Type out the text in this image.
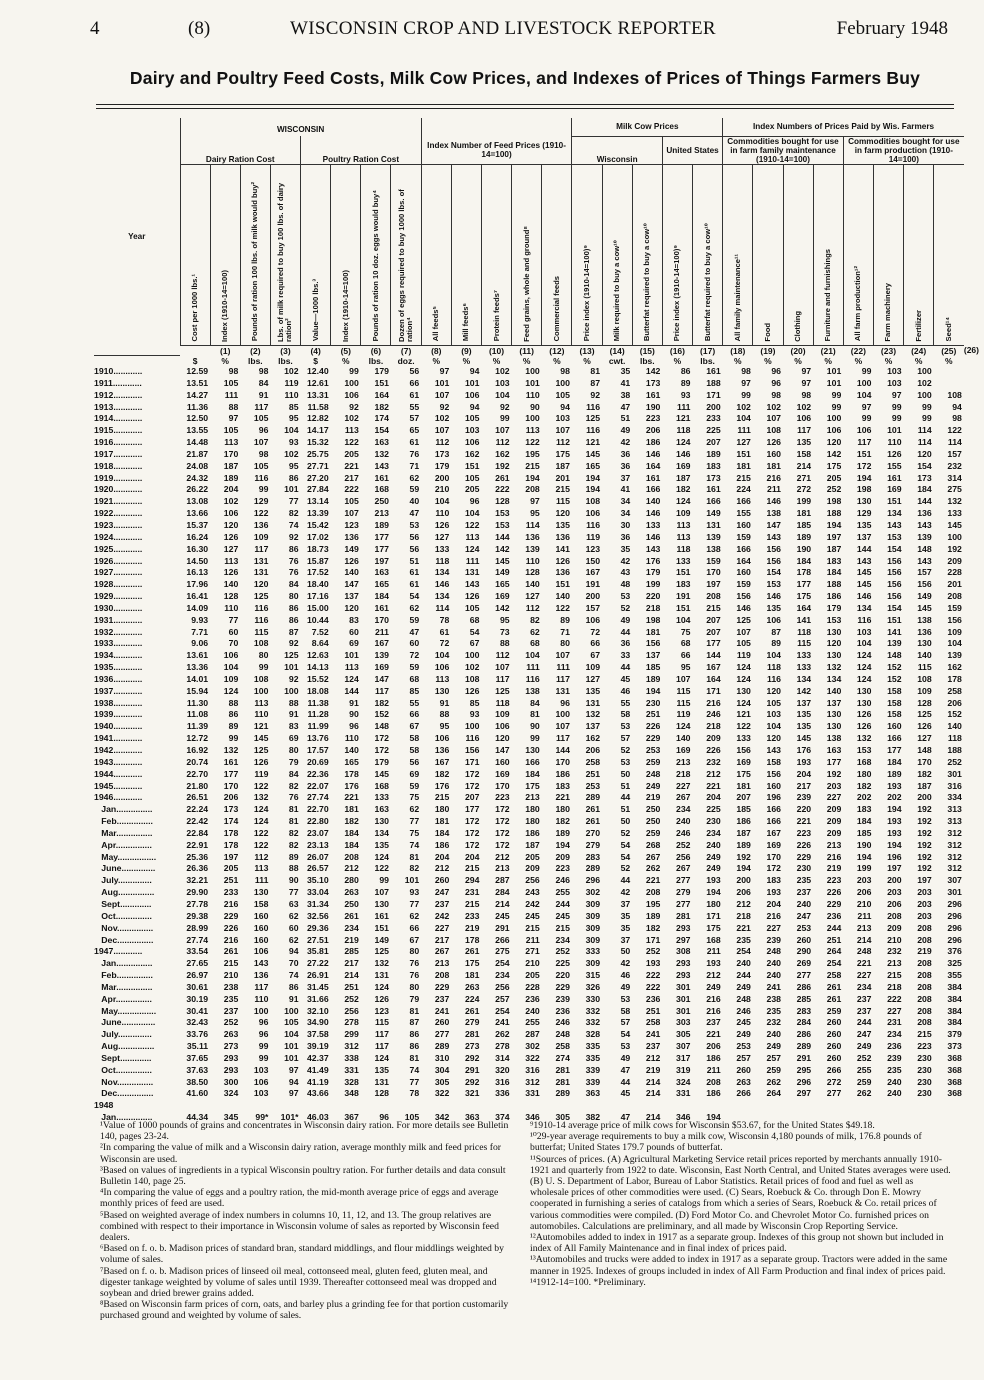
4	(8)	WISCONSIN CROP AND LIVESTOCK REPORTER	February 1948
Dairy and Poultry Feed Costs, Milk Cow Prices, and Indexes of Prices of Things Farmers Buy
Year	WISCONSIN													Milk Cow Prices					Index Numbers of Prices Paid by Wis. Farmers								
	Dairy Ration Cost				Poultry Ration Cost				Index Number of Feed Prices (1910-14=100)					Wisconsin			United States		Commodities bought for use in farm family maintenance (1910-14=100)				Commodities bought for use in farm production (1910-14=100)				

	Cost per 1000 lbs.¹	Index (1910-14=100)	Pounds of ration 100 lbs. of milk would buy²	Lbs. of milk required to buy 100 lbs. of dairy ration²	Value—1000 lbs.³	Index (1910-14=100)	Pounds of ration 10 doz. eggs would buy⁴	Dozen of eggs required to buy 1000 lbs. of ration⁴	All feeds⁵	Mill feeds⁶	Protein feeds⁷	Feed grains, whole and ground⁸	Commercial feeds	Price index (1910-14=100)⁹	Milk required to buy a cow¹⁰	Butterfat required to buy a cow¹⁰	Price index (1910-14=100)⁹	Butterfat required to buy a cow¹⁰	All family maintenance¹¹	Food	Clothing	Furniture and furnishings	All farm production¹²	Farm machinery	Fertilizer	Seed¹⁴	

		(1)	(2)	(3)	(4)	(5)	(6)	(7)	(8)	(9)	(10)	(11)	(12)	(13)	(14)	(15)	(16)	(17)	(18)	(19)	(20)	(21)	(22)	(23)	(24)	(25)	(26)
	$	%	lbs.	lbs.	$	%	lbs.	doz.	%	%	%	%	%	%	cwt.	lbs.	%	lbs.	%	%	%	%	%	%	%	%	
1910............	12.59	98	98	102	12.40	99	179	56	97	94	102	100	98	81	35	142	86	161	98	96	97	101	99	103	100		
1911............	13.51	105	84	119	12.61	100	151	66	101	101	103	101	100	87	41	173	89	188	97	96	97	101	100	103	102		
1912............	14.27	111	91	110	13.31	106	164	61	107	106	104	110	105	92	38	161	93	171	99	98	98	99	104	97	100	108	
1913............	11.36	88	117	85	11.58	92	182	55	92	94	92	90	94	116	47	190	111	200	102	102	102	99	97	99	99	94	
1914............	12.50	97	105	95	12.82	102	174	57	102	105	99	100	103	125	51	223	121	233	104	107	106	100	99	99	99	98	
1915............	13.55	105	96	104	14.17	113	154	65	107	103	107	113	107	116	49	206	118	225	111	108	117	106	106	101	114	122	
1916............	14.48	113	107	93	15.32	122	163	61	112	106	112	122	112	121	42	186	124	207	127	126	135	120	117	110	114	114	
1917............	21.87	170	98	102	25.75	205	132	76	173	162	162	195	175	145	36	146	146	189	151	160	158	142	151	126	120	157	
1918............	24.08	187	105	95	27.71	221	143	71	179	151	192	215	187	165	36	164	169	183	181	181	214	175	172	155	154	232	
1919............	24.32	189	116	86	27.20	217	161	62	200	105	261	194	201	194	37	161	187	173	215	216	271	205	194	161	173	314	
1920............	26.22	204	99	101	27.84	222	168	59	210	205	222	208	215	194	41	166	182	161	224	211	272	252	198	169	184	275	
1921............	13.08	102	129	77	13.14	105	250	40	104	96	128	97	115	108	34	140	124	166	166	146	199	198	130	151	144	132	
1922............	13.66	106	122	82	13.39	107	213	47	110	104	153	95	120	106	34	146	109	149	155	138	181	188	129	134	136	133	
1923............	15.37	120	136	74	15.42	123	189	53	126	122	153	114	135	116	30	133	113	131	160	147	185	194	135	143	143	145	
1924............	16.24	126	109	92	17.02	136	177	56	127	113	144	136	136	119	36	146	113	139	159	143	189	197	137	153	139	100	
1925............	16.30	127	117	86	18.73	149	177	56	133	124	142	139	141	123	35	143	118	138	166	156	190	187	144	154	148	192	
1926............	14.50	113	131	76	15.87	126	197	51	118	111	145	110	126	150	42	176	133	159	164	156	184	183	143	156	143	209	
1927............	16.13	126	131	76	17.52	140	163	61	134	131	149	128	136	167	43	179	151	170	160	154	178	184	145	156	157	228	
1928............	17.96	140	120	84	18.40	147	165	61	146	143	165	140	151	191	48	199	183	197	159	153	177	188	145	156	156	201	
1929............	16.41	128	125	80	17.16	137	184	54	134	126	169	127	140	200	53	220	191	208	156	146	175	186	146	156	149	208	
1930............	14.09	110	116	86	15.00	120	161	62	114	105	142	112	122	157	52	218	151	215	146	135	164	179	134	154	145	159	
1931............	9.93	77	116	86	10.44	83	170	59	78	68	95	82	89	106	49	198	104	207	125	106	141	153	116	151	138	156	
1932............	7.71	60	115	87	7.52	60	211	47	61	54	73	62	71	72	44	181	75	207	107	87	118	130	103	141	136	109	
1933............	9.06	70	108	92	8.64	69	167	60	72	67	88	68	80	66	36	156	68	177	105	89	115	120	104	139	130	104	
1934............	13.61	106	80	125	12.63	101	139	72	104	100	112	104	107	67	33	137	66	144	119	104	133	130	124	148	140	139	
1935............	13.36	104	99	101	14.13	113	169	59	106	102	107	111	111	109	44	185	95	167	124	118	133	132	124	152	115	162	
1936............	14.01	109	108	92	15.52	124	147	68	113	108	117	116	117	127	45	189	107	164	124	116	134	134	124	152	108	178	
1937............	15.94	124	100	100	18.08	144	117	85	130	126	125	138	131	135	46	194	115	171	130	120	142	140	130	158	109	258	
1938............	11.30	88	113	88	11.38	91	182	55	91	85	118	84	96	131	55	230	115	216	124	105	137	137	130	158	128	206	
1939............	11.08	86	110	91	11.28	90	152	66	88	93	109	81	100	132	58	251	119	246	121	103	135	130	126	158	125	152	
1940............	11.39	89	121	83	11.99	96	148	67	95	100	106	90	107	137	53	226	124	218	122	104	135	130	126	160	126	140	
1941............	12.72	99	145	69	13.76	110	172	58	106	116	120	99	117	162	57	229	140	209	133	120	145	138	132	166	127	118	
1942............	16.92	132	125	80	17.57	140	172	58	136	156	147	130	144	206	52	253	169	226	156	143	176	163	153	177	148	188	
1943............	20.74	161	126	79	20.69	165	179	56	167	171	160	166	170	258	53	259	213	232	169	158	193	177	168	184	170	252	
1944............	22.70	177	119	84	22.36	178	145	69	182	172	169	184	186	251	50	248	218	212	175	156	204	192	180	189	182	301	
1945............	21.80	170	122	82	22.07	176	168	59	176	172	170	175	183	253	51	249	227	221	181	160	217	203	182	193	187	316	
1946............	26.51	206	132	76	27.74	221	133	75	215	207	223	213	221	289	44	219	267	204	207	196	239	227	202	202	200	334	
Jan...............	22.24	173	124	81	22.70	181	163	62	180	177	172	180	180	261	51	250	234	225	185	166	220	209	183	194	192	313	
Feb...............	22.42	174	124	81	22.80	182	130	77	181	172	172	180	182	261	50	250	240	230	186	166	221	209	184	193	192	313	
Mar...............	22.84	178	122	82	23.07	184	134	75	184	172	172	186	189	270	52	259	246	234	187	167	223	209	185	193	192	312	
Apr...............	22.91	178	122	82	23.13	184	135	74	186	172	172	187	194	279	54	268	252	240	189	169	226	213	190	194	192	312	
May................	25.36	197	112	89	26.07	208	124	81	204	204	212	205	209	283	54	267	256	249	192	170	229	216	194	196	192	312	
June..............	26.36	205	113	88	26.57	212	122	82	212	215	213	209	223	289	52	262	267	249	194	172	230	219	199	197	192	312	
July..............	32.21	251	111	90	35.10	280	99	101	260	294	287	256	246	296	44	221	277	193	200	183	235	223	203	200	197	307	
Aug...............	29.90	233	130	77	33.04	263	107	93	247	231	284	243	255	302	42	208	279	194	206	193	237	226	206	203	203	301	
Sept.............	27.78	216	158	63	31.34	250	130	77	237	215	214	242	244	309	37	195	277	180	212	204	240	229	210	206	203	296	
Oct...............	29.38	229	160	62	32.56	261	161	62	242	233	245	245	245	309	35	189	281	171	218	216	247	236	211	208	203	296	
Nov...............	28.99	226	160	60	29.36	234	151	66	227	219	291	215	215	309	35	182	293	175	221	227	253	244	213	209	208	296	
Dec...............	27.74	216	160	62	27.51	219	149	67	217	178	266	211	234	309	37	171	297	168	235	239	260	251	214	210	208	296	
1947............	33.54	261	106	94	35.81	285	125	80	267	261	275	271	252	333	50	252	308	211	254	248	290	264	248	232	219	376	
Jan...............	27.65	215	143	70	27.22	217	132	76	213	175	254	210	225	309	42	193	293	193	240	240	269	254	221	213	208	325	
Feb...............	26.97	210	136	74	26.91	214	131	76	208	181	234	205	220	315	46	222	293	212	244	240	277	258	227	215	208	355	
Mar...............	30.61	238	117	86	31.45	251	124	80	229	263	256	228	229	326	49	222	301	249	249	241	286	261	234	218	208	384	
Apr...............	30.19	235	110	91	31.66	252	126	79	237	224	257	236	239	330	53	236	301	216	248	238	285	261	237	222	208	384	
May................	30.41	237	100	100	32.10	256	123	81	241	261	254	240	236	332	58	251	301	216	246	235	283	259	237	227	208	384	
June..............	32.43	252	96	105	34.90	278	115	87	260	279	241	255	246	332	57	258	303	237	245	232	284	260	244	231	208	384	
July..............	33.76	263	96	104	37.58	299	117	86	277	281	262	287	248	328	54	241	305	221	249	240	286	260	247	234	215	379	
Aug...............	35.11	273	99	101	39.19	312	117	86	289	273	278	302	258	335	53	237	307	206	253	249	289	260	249	236	223	373	
Sept.............	37.65	293	99	101	42.37	338	124	81	310	292	314	322	274	335	49	212	317	186	257	257	291	260	252	239	230	368	
Oct...............	37.63	293	103	97	41.49	331	135	74	304	291	320	316	281	339	47	219	319	211	260	259	295	266	255	235	230	368	
Nov...............	38.50	300	106	94	41.19	328	131	77	305	292	316	312	281	339	44	214	324	208	263	262	296	272	259	240	230	368	
Dec...............	41.60	324	103	97	43.66	348	128	78	322	321	336	331	289	363	45	214	331	186	266	264	297	277	262	240	230	368	
1948																											
Jan...............	44.34	345	99*	101*	46.03	367	96	105	342	363	374	346	305	382	47	214	346	194									

¹Value of 1000 pounds of grains and concentrates in Wisconsin dairy ration. For more details see Bulletin 140, pages 23-24.

²In comparing the value of milk and a Wisconsin dairy ration, average monthly milk and feed prices for Wisconsin are used.

³Based on values of ingredients in a typical Wisconsin poultry ration. For further details and data consult Bulletin 140, page 25.

⁴In comparing the value of eggs and a poultry ration, the mid-month average price of eggs and average monthly prices of feed are used.

⁵Based on weighted average of index numbers in columns 10, 11, 12, and 13. The group relatives are combined with respect to their importance in Wisconsin volume of sales as reported by Wisconsin feed dealers.

⁶Based on f. o. b. Madison prices of standard bran, standard middlings, and flour middlings weighted by volume of sales.

⁷Based on f. o. b. Madison prices of linseed oil meal, cottonseed meal, gluten feed, gluten meal, and digester tankage weighted by volume of sales until 1939. Thereafter cottonseed meal was dropped and soybean and dried brewer grains added.

⁸Based on Wisconsin farm prices of corn, oats, and barley plus a grinding fee for that portion customarily purchased ground and weighted by volume of sales.

⁹1910-14 average price of milk cows for Wisconsin $53.67, for the United States $49.18.

¹⁰29-year average requirements to buy a milk cow, Wisconsin 4,180 pounds of milk, 176.8 pounds of butterfat; United States 179.7 pounds of butterfat.

¹¹Sources of prices. (A) Agricultural Marketing Service retail prices reported by merchants annually 1910-1921 and quarterly from 1922 to date. Wisconsin, East North Central, and United States averages were used. (B) U. S. Department of Labor, Bureau of Labor Statistics. Retail prices of food and fuel as well as wholesale prices of other commodities were used. (C) Sears, Roebuck & Co. through Don E. Mowry cooperated in furnishing a series of catalogs from which a series of Sears, Roebuck & Co. retail prices of various commodities were compiled. (D) Ford Motor Co. and Chevrolet Motor Co. furnished prices on automobiles. Calculations are preliminary, and all made by Wisconsin Crop Reporting Service.

¹²Automobiles added to index in 1917 as a separate group. Indexes of this group not shown but included in index of All Family Maintenance and in final index of prices paid.

¹³Automobiles and trucks were added to index in 1917 as a separate group. Tractors were added in the same manner in 1925. Indexes of groups included in index of All Farm Production and final index of prices paid.

¹⁴1912-14=100. *Preliminary.
